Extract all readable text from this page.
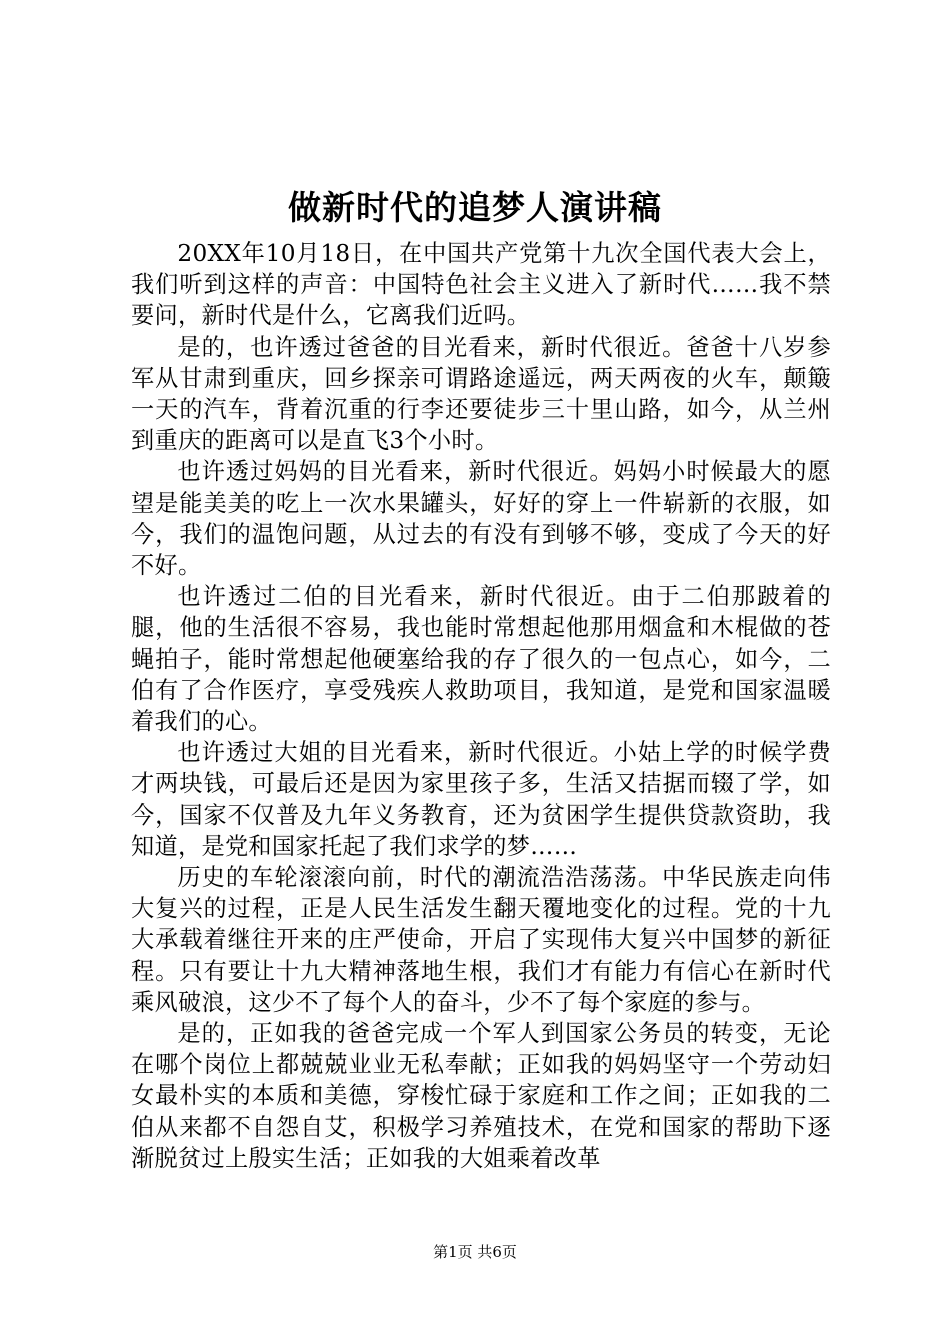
做新时代的追梦人演讲稿

20XX年10月18日，在中国共产党第十九次全国代表大会上，我们听到这样的声音：中国特色社会主义进入了新时代……我不禁要问，新时代是什么，它离我们近吗。

是的，也许透过爸爸的目光看来，新时代很近。爸爸十八岁参军从甘肃到重庆，回乡探亲可谓路途遥远，两天两夜的火车，颠簸一天的汽车，背着沉重的行李还要徒步三十里山路，如今，从兰州到重庆的距离可以是直飞3个小时。

也许透过妈妈的目光看来，新时代很近。妈妈小时候最大的愿望是能美美的吃上一次水果罐头，好好的穿上一件崭新的衣服，如今，我们的温饱问题，从过去的有没有到够不够，变成了今天的好不好。

也许透过二伯的目光看来，新时代很近。由于二伯那跛着的腿，他的生活很不容易，我也能时常想起他那用烟盒和木棍做的苍蝇拍子，能时常想起他硬塞给我的存了很久的一包点心，如今，二伯有了合作医疗，享受残疾人救助项目，我知道，是党和国家温暖着我们的心。

也许透过大姐的目光看来，新时代很近。小姑上学的时候学费才两块钱，可最后还是因为家里孩子多，生活又拮据而辍了学，如今，国家不仅普及九年义务教育，还为贫困学生提供贷款资助，我知道，是党和国家托起了我们求学的梦……

历史的车轮滚滚向前，时代的潮流浩浩荡荡。中华民族走向伟大复兴的过程，正是人民生活发生翻天覆地变化的过程。党的十九大承载着继往开来的庄严使命，开启了实现伟大复兴中国梦的新征程。只有要让十九大精神落地生根，我们才有能力有信心在新时代乘风破浪，这少不了每个人的奋斗，少不了每个家庭的参与。

是的，正如我的爸爸完成一个军人到国家公务员的转变，无论在哪个岗位上都兢兢业业无私奉献；正如我的妈妈坚守一个劳动妇女最朴实的本质和美德，穿梭忙碌于家庭和工作之间；正如我的二伯从来都不自怨自艾，积极学习养殖技术，在党和国家的帮助下逐渐脱贫过上殷实生活；正如我的大姐乘着改革

第1页 共6页
